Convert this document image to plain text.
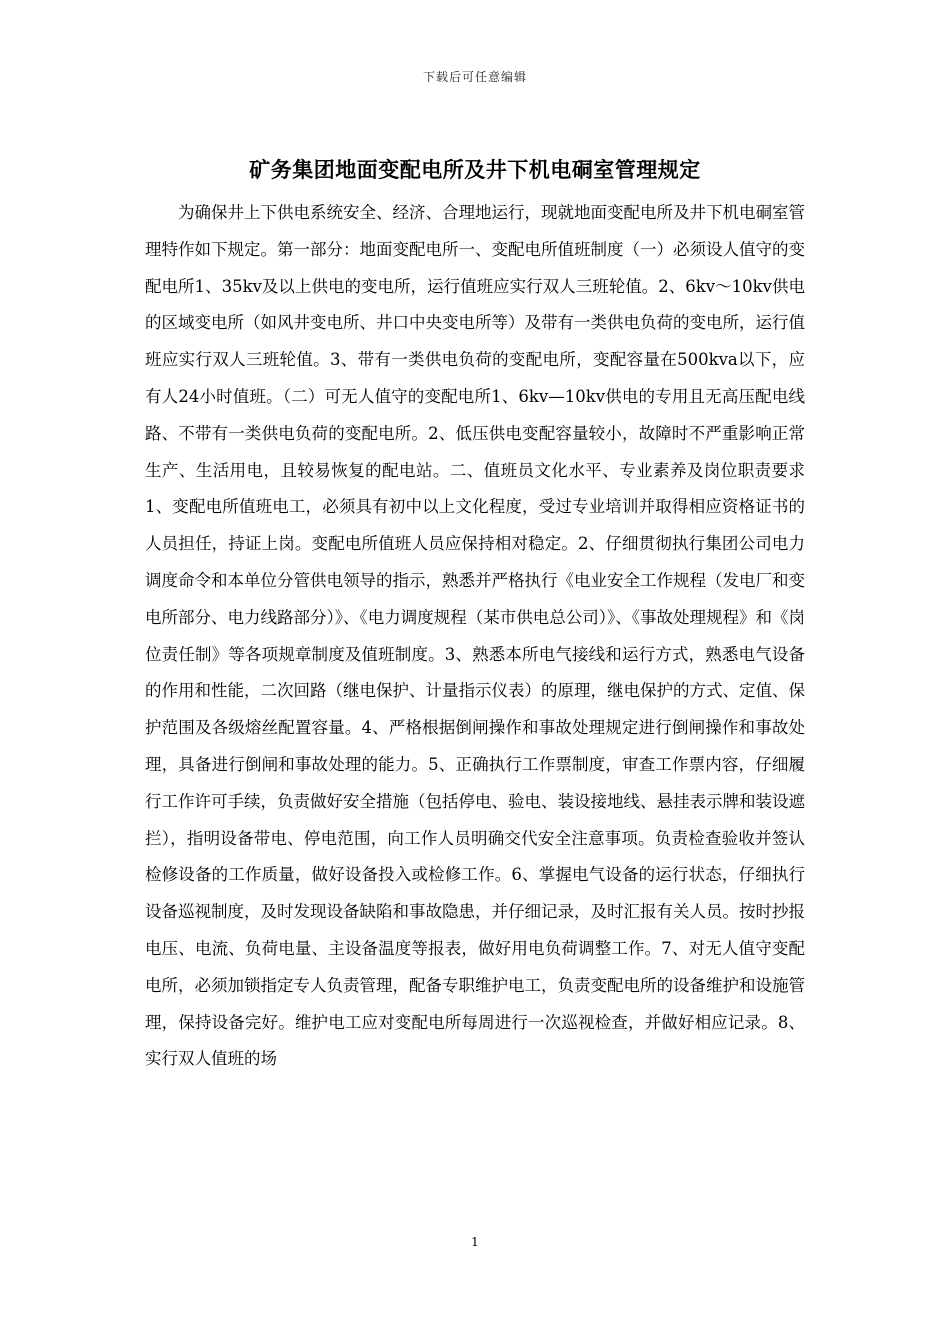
下载后可任意编辑
矿务集团地面变配电所及井下机电硐室管理规定

为确保井上下供电系统安全、经济、合理地运行，现就地面变配电所及井下机电硐室管理特作如下规定。第一部分：地面变配电所一、变配电所值班制度（一）必须设人值守的变配电所1、35kv及以上供电的变电所，运行值班应实行双人三班轮值。2、6kv～10kv供电的区域变电所（如风井变电所、井口中央变电所等）及带有一类供电负荷的变电所，运行值班应实行双人三班轮值。3、带有一类供电负荷的变配电所，变配容量在500kva以下，应有人24小时值班。（二）可无人值守的变配电所1、6kv—10kv供电的专用且无高压配电线路、不带有一类供电负荷的变配电所。2、低压供电变配容量较小，故障时不严重影响正常生产、生活用电，且较易恢复的配电站。二、值班员文化水平、专业素养及岗位职责要求1、变配电所值班电工，必须具有初中以上文化程度，受过专业培训并取得相应资格证书的人员担任，持证上岗。变配电所值班人员应保持相对稳定。2、仔细贯彻执行集团公司电力调度命令和本单位分管供电领导的指示，熟悉并严格执行《电业安全工作规程（发电厂和变电所部分、电力线路部分）》、《电力调度规程（某市供电总公司）》、《事故处理规程》和《岗位责任制》等各项规章制度及值班制度。3、熟悉本所电气接线和运行方式，熟悉电气设备的作用和性能，二次回路（继电保护、计量指示仪表）的原理，继电保护的方式、定值、保护范围及各级熔丝配置容量。4、严格根据倒闸操作和事故处理规定进行倒闸操作和事故处理，具备进行倒闸和事故处理的能力。5、正确执行工作票制度，审查工作票内容，仔细履行工作许可手续，负责做好安全措施（包括停电、验电、装设接地线、悬挂表示牌和装设遮拦），指明设备带电、停电范围，向工作人员明确交代安全注意事项。负责检查验收并签认检修设备的工作质量，做好设备投入或检修工作。6、掌握电气设备的运行状态，仔细执行设备巡视制度，及时发现设备缺陷和事故隐患，并仔细记录，及时汇报有关人员。按时抄报电压、电流、负荷电量、主设备温度等报表，做好用电负荷调整工作。7、对无人值守变配电所，必须加锁指定专人负责管理，配备专职维护电工，负责变配电所的设备维护和设施管理，保持设备完好。维护电工应对变配电所每周进行一次巡视检查，并做好相应记录。8、实行双人值班的场

1
